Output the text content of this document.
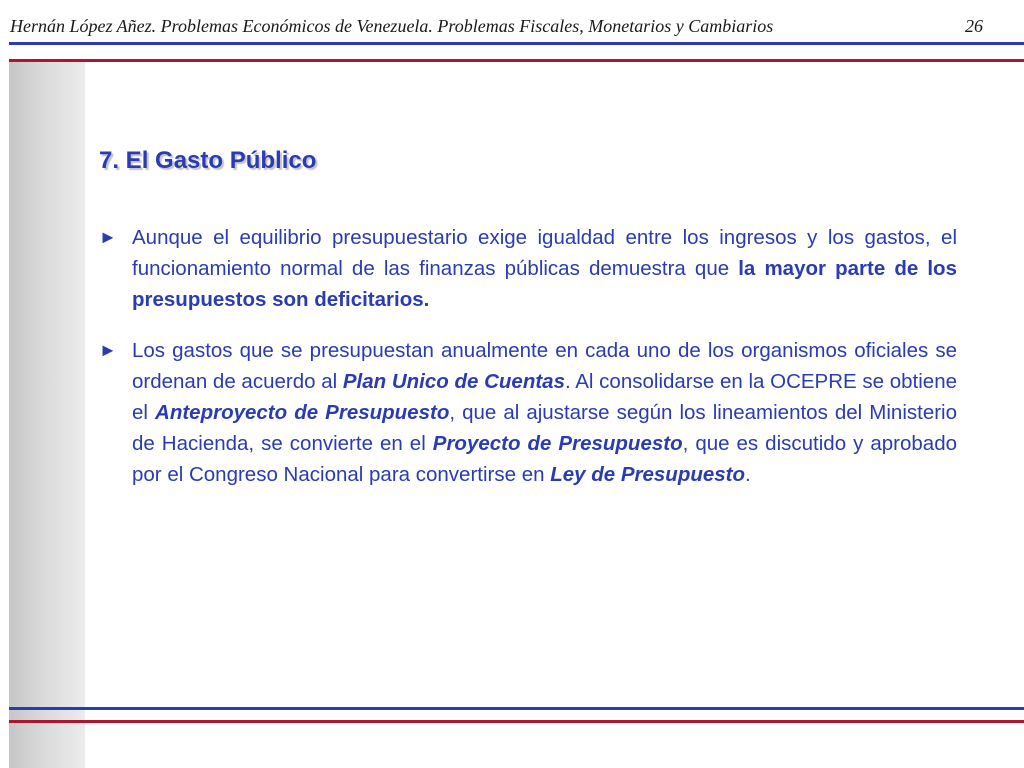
Hernán López Añez. Problemas Económicos de Venezuela. Problemas Fiscales, Monetarios y Cambiarios	26
7. El Gasto Público
► Aunque el equilibrio presupuestario exige igualdad entre los ingresos y los gastos, el funcionamiento normal de las finanzas públicas demuestra que la mayor parte de los presupuestos son deficitarios.
► Los gastos que se presupuestan anualmente en cada uno de los organismos oficiales se ordenan de acuerdo al Plan Unico de Cuentas. Al consolidarse en la OCEPRE se obtiene el Anteproyecto de Presupuesto, que al ajustarse según los lineamientos del Ministerio de Hacienda, se convierte en el Proyecto de Presupuesto, que es discutido y aprobado por el Congreso Nacional para convertirse en Ley de Presupuesto.
